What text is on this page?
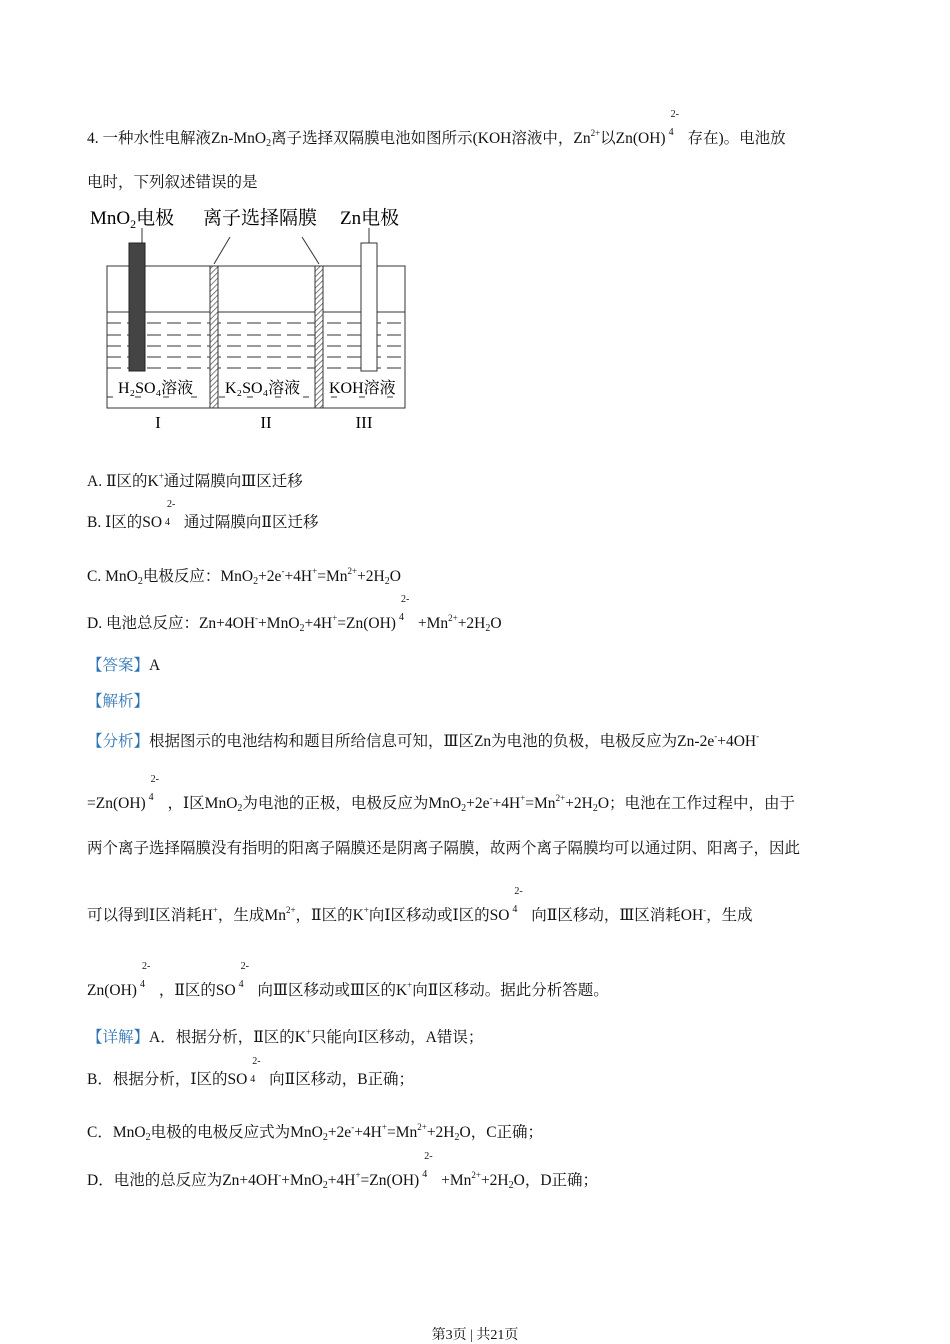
4. 一种水性电解液Zn-MnO$_2$离子选择双隔膜电池如图所示(KOH溶液中，$Zn^{2+}$以Zn(OH) 4
2-
存在)。电池放
电时，下列叙述错误的是
MnO$_2$电极 离子选择隔膜 Zn电极
H₂SO₄溶液 K₂SO₄溶液 KOH溶液
I	II	III
A. Ⅱ区的K+通过隔膜向Ⅲ区迁移
B. Ⅰ区的SO 4
2-
通过隔膜向Ⅱ区迁移
C. MnO$_2$电极反应：$MnO_2+2e^-+4H^+=Mn^{2+}+2H_2O$
D. 电池总反应：Zn+4OH-+MnO$_2$+4H+=Zn(OH) 4
2-
$+Mn^{2+}+2H_2O$
【答案】A
【解析】
【分析】根据图示的电池结构和题目所给信息可知，Ⅲ区Zn为电池的负极，电极反应为Zn-2e-+4OH-
=Zn(OH) 4
2-
，Ⅰ区MnO$_2$为电池的正极，电极反应为$MnO_2+2e^-+4H^+=Mn^{2+}+2H_2O$；电池在工作过程中，由于
两个离子选择隔膜没有指明的阳离子隔膜还是阴离子隔膜，故两个离子隔膜均可以通过阴、阳离子，因此
可以得到Ⅰ区消耗H+，生成$Mn^{2+}$，Ⅱ区的K+向Ⅰ区移动或Ⅰ区的SO 4
2-
向Ⅱ区移动，Ⅲ区消耗OH-，生成
Zn(OH) 4
2-
，Ⅱ区的SO 4
2-
向Ⅲ区移动或Ⅲ区的K+向Ⅱ区移动。据此分析答题。
【详解】A．根据分析，Ⅱ区的K+只能向Ⅰ区移动，A错误；
B．根据分析，Ⅰ区的SO 4
2-
向Ⅱ区移动，B正确；
C．MnO$_2$电极的电极反应式为$MnO_2+2e^-+4H^+=Mn^{2+}+2H_2O$，C正确；
D．电池的总反应为Zn+4OH-+MnO$_2$+4H+=Zn(OH) 4
2-
$+Mn^{2+}+2H_2O$，D正确；
第3页 | 共21页
